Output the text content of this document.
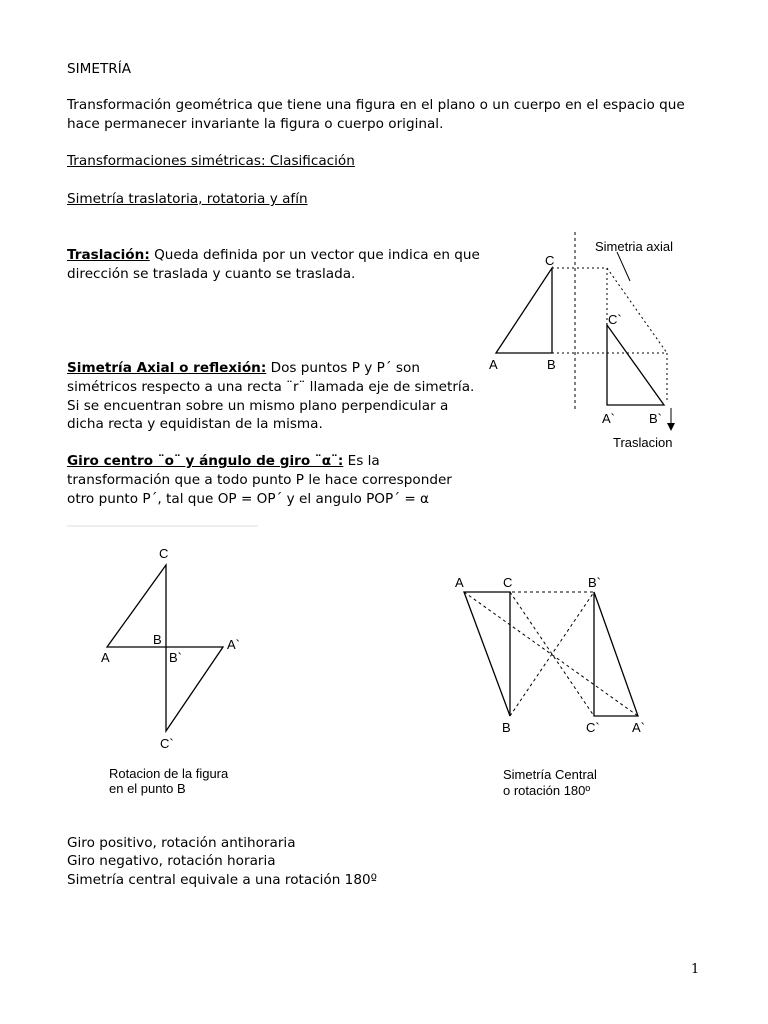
SIMETRÍA
Transformación geométrica que tiene una figura en el plano o un cuerpo en el espacio que
hace permanecer invariante la figura o cuerpo original.
Transformaciones simétricas: Clasificación
Simetría traslatoria, rotatoria y afín
Traslación: Queda definida por un vector que indica en que
dirección se traslada y cuanto se traslada.
Simetría Axial o reflexión: Dos puntos P y P´ son
simétricos respecto a una recta ¨r¨ llamada eje de simetría.
Si se encuentran sobre un mismo plano perpendicular a
dicha recta y equidistan de la misma.
Giro centro ¨o¨ y ángulo de giro ¨α¨: Es la
transformación que a todo punto P le hace corresponder
otro punto P´, tal que OP = OP´ y el angulo POP´ = α
Giro positivo, rotación antihoraria
Giro negativo, rotación horaria
Simetría central equivale a una rotación 180º
1
Simetria axial
C
A	B
C`
A`	B`
Traslacion
C
B
A
A`
B`
C`
Rotacion de la figura
en el punto B
A	C	B`
B	C` A`
Simetría Central
o rotación 180º
